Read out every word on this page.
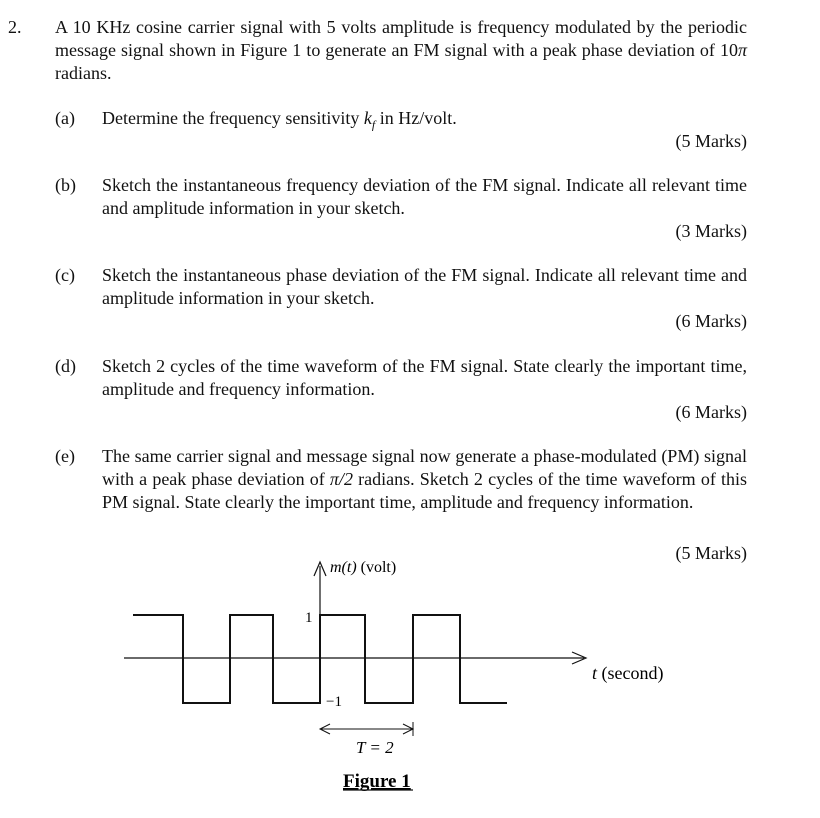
2. A 10 KHz cosine carrier signal with 5 volts amplitude is frequency modulated by the periodic message signal shown in Figure 1 to generate an FM signal with a peak phase deviation of 10π radians.
(a) Determine the frequency sensitivity $k_f$ in Hz/volt.
(5 Marks)
(b) Sketch the instantaneous frequency deviation of the FM signal. Indicate all relevant time and amplitude information in your sketch.
(3 Marks)
(c) Sketch the instantaneous phase deviation of the FM signal. Indicate all relevant time and amplitude information in your sketch.
(6 Marks)
(d) Sketch 2 cycles of the time waveform of the FM signal. State clearly the important time, amplitude and frequency information.
(6 Marks)
(e) The same carrier signal and message signal now generate a phase-modulated (PM) signal with a peak phase deviation of π/2 radians. Sketch 2 cycles of the time waveform of this PM signal. State clearly the important time, amplitude and frequency information.
(5 Marks)
m(t) (volt)
1
−1
t (second)
T = 2
Figure 1
